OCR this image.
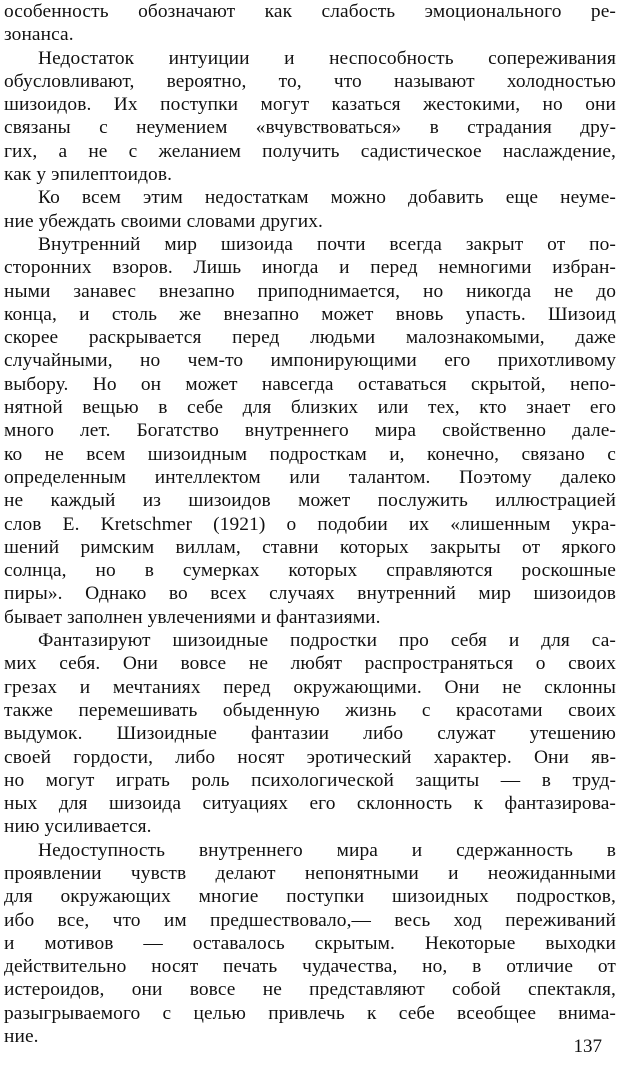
особенность обозначают как слабость эмоционального ре-
зонанса.
Недостаток интуиции и неспособность сопереживания
обусловливают, вероятно, то, что называют холодностью
шизоидов. Их поступки могут казаться жестокими, но они
связаны с неумением «вчувствоваться» в страдания дру-
гих, а не с желанием получить садистическое наслаждение,
как у эпилептоидов.
Ко всем этим недостаткам можно добавить еще неуме-
ние убеждать своими словами других.
Внутренний мир шизоида почти всегда закрыт от по-
сторонних взоров. Лишь иногда и перед немногими избран-
ными занавес внезапно приподнимается, но никогда не до
конца, и столь же внезапно может вновь упасть. Шизоид
скорее раскрывается перед людьми малознакомыми, даже
случайными, но чем-то импонирующими его прихотливому
выбору. Но он может навсегда оставаться скрытой, непо-
нятной вещью в себе для близких или тех, кто знает его
много лет. Богатство внутреннего мира свойственно дале-
ко не всем шизоидным подросткам и, конечно, связано с
определенным интеллектом или талантом. Поэтому далеко
не каждый из шизоидов может послужить иллюстрацией
слов E. Kretschmer (1921) о подобии их «лишенным укра-
шений римским виллам, ставни которых закрыты от яркого
солнца, но в сумерках которых справляются роскошные
пиры». Однако во всех случаях внутренний мир шизоидов
бывает заполнен увлечениями и фантазиями.
Фантазируют шизоидные подростки про себя и для са-
мих себя. Они вовсе не любят распространяться о своих
грезах и мечтаниях перед окружающими. Они не склонны
также перемешивать обыденную жизнь с красотами своих
выдумок. Шизоидные фантазии либо служат утешению
своей гордости, либо носят эротический характер. Они яв-
но могут играть роль психологической защиты — в труд-
ных для шизоида ситуациях его склонность к фантазирова-
нию усиливается.
Недоступность внутреннего мира и сдержанность в
проявлении чувств делают непонятными и неожиданными
для окружающих многие поступки шизоидных подростков,
ибо все, что им предшествовало,— весь ход переживаний
и мотивов — оставалось скрытым. Некоторые выходки
действительно носят печать чудачества, но, в отличие от
истероидов, они вовсе не представляют собой спектакля,
разыгрываемого с целью привлечь к себе всеобщее внима-
ние.	137
